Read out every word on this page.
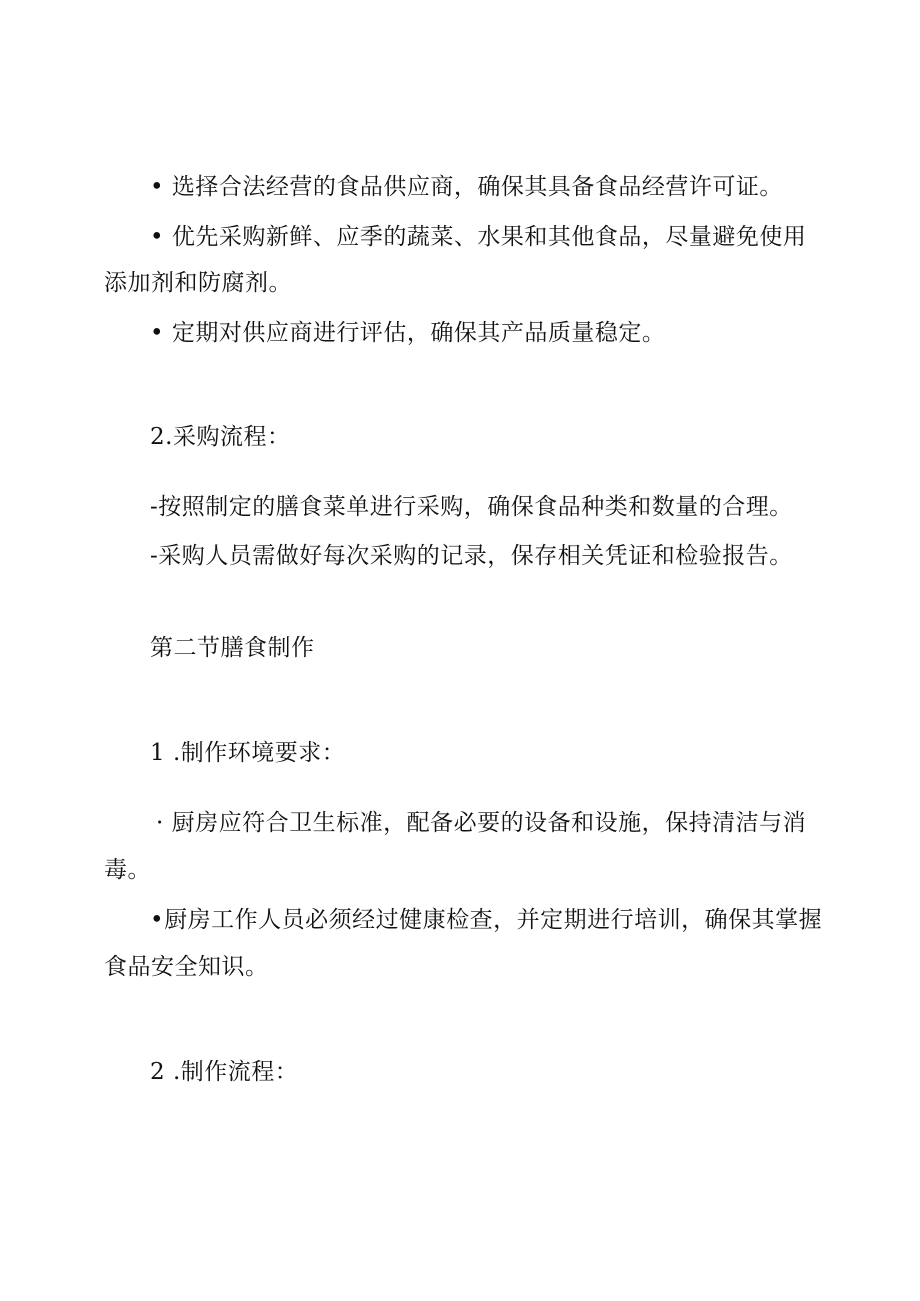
• 选择合法经营的食品供应商，确保其具备食品经营许可证。

• 优先采购新鲜、应季的蔬菜、水果和其他食品，尽量避免使用

添加剂和防腐剂。

• 定期对供应商进行评估，确保其产品质量稳定。

2.采购流程：

-按照制定的膳食菜单进行采购，确保食品种类和数量的合理。

-采购人员需做好每次采购的记录，保存相关凭证和检验报告。

第二节膳食制作

1 .制作环境要求：

· 厨房应符合卫生标准，配备必要的设备和设施，保持清洁与消

毒。

•厨房工作人员必须经过健康检查，并定期进行培训，确保其掌握

食品安全知识。

2 .制作流程：
